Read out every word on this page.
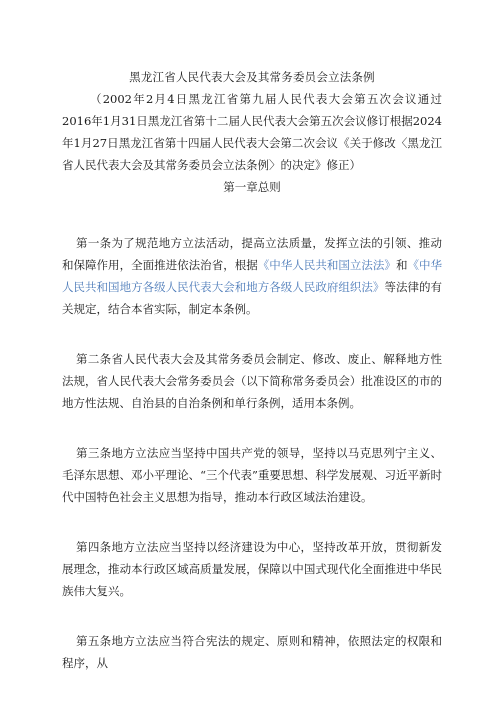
黑龙江省人民代表大会及其常务委员会立法条例

（2002年2月4日黑龙江省第九届人民代表大会第五次会议通过 2016年1月31日黑龙江省第十二届人民代表大会第五次会议修订根据2024年1月27日黑龙江省第十四届人民代表大会第二次会议《关于修改〈黑龙江省人民代表大会及其常务委员会立法条例〉的决定》修正）

第一章总则

第一条为了规范地方立法活动，提高立法质量，发挥立法的引领、推动和保障作用，全面推进依法治省，根据《中华人民共和国立法法》和《中华人民共和国地方各级人民代表大会和地方各级人民政府组织法》等法律的有关规定，结合本省实际，制定本条例。

第二条省人民代表大会及其常务委员会制定、修改、废止、解释地方性法规，省人民代表大会常务委员会（以下简称常务委员会）批准设区的市的地方性法规、自治县的自治条例和单行条例，适用本条例。

第三条地方立法应当坚持中国共产党的领导，坚持以马克思列宁主义、毛泽东思想、邓小平理论、“三个代表”重要思想、科学发展观、习近平新时代中国特色社会主义思想为指导，推动本行政区域法治建设。

第四条地方立法应当坚持以经济建设为中心，坚持改革开放，贯彻新发展理念，推动本行政区域高质量发展，保障以中国式现代化全面推进中华民族伟大复兴。

第五条地方立法应当符合宪法的规定、原则和精神，依照法定的权限和程序，从
